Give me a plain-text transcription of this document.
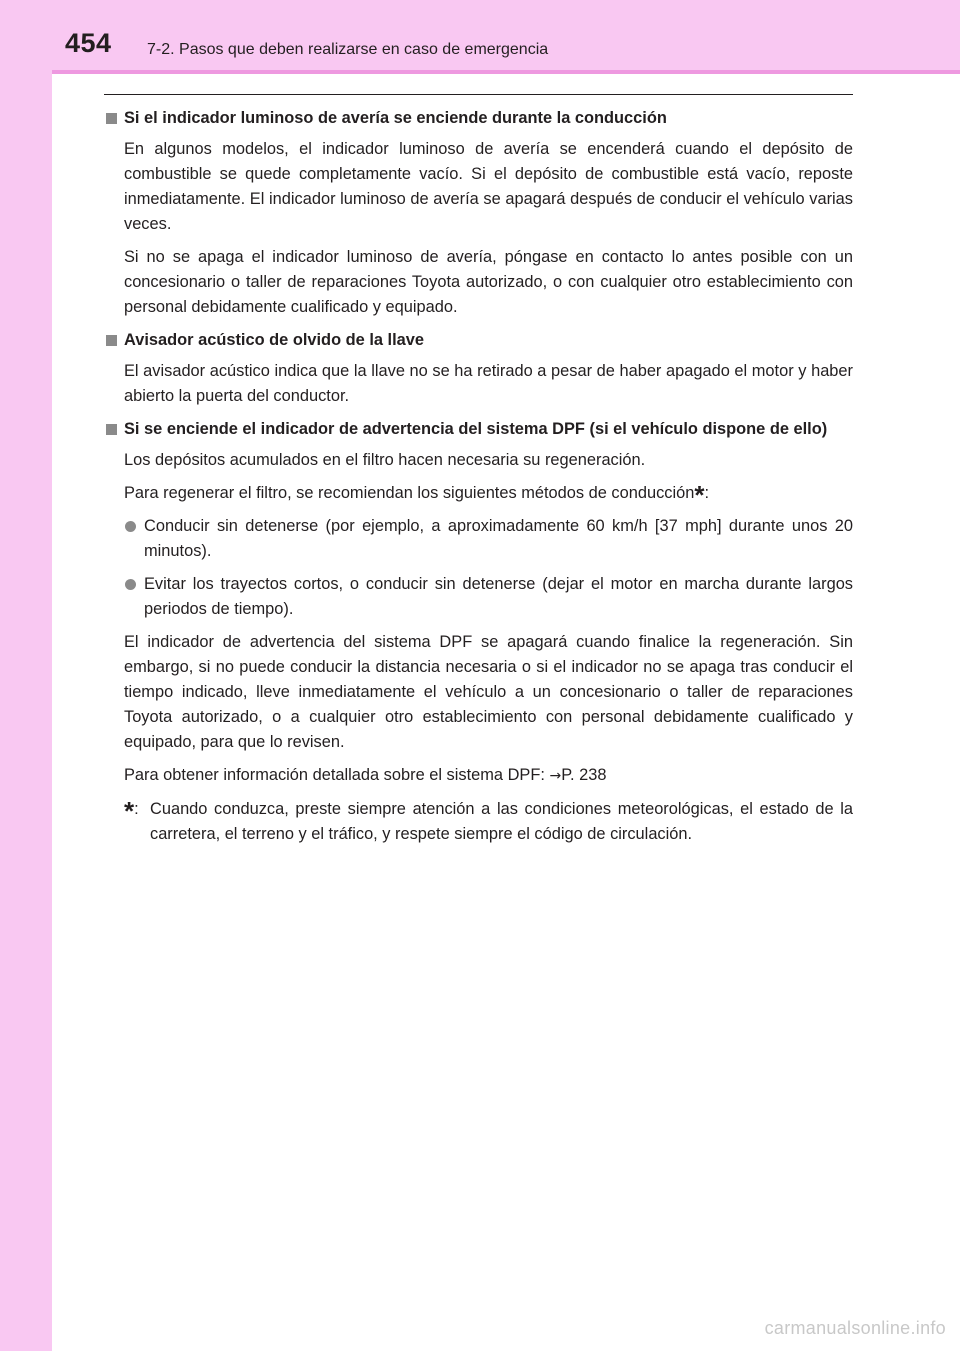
454 7-2. Pasos que deben realizarse en caso de emergencia
Si el indicador luminoso de avería se enciende durante la conducción

En algunos modelos, el indicador luminoso de avería se encenderá cuando el depósito de combustible se quede completamente vacío. Si el depósito de combustible está vacío, reposte inmediatamente. El indicador luminoso de avería se apagará después de conducir el vehículo varias veces.

Si no se apaga el indicador luminoso de avería, póngase en contacto lo antes posible con un concesionario o taller de reparaciones Toyota autorizado, o con cualquier otro establecimiento con personal debidamente cualificado y equipado.

Avisador acústico de olvido de la llave

El avisador acústico indica que la llave no se ha retirado a pesar de haber apagado el motor y haber abierto la puerta del conductor.

Si se enciende el indicador de advertencia del sistema DPF (si el vehículo dispone de ello)

Los depósitos acumulados en el filtro hacen necesaria su regeneración.

Para regenerar el filtro, se recomiendan los siguientes métodos de conducción*:

Conducir sin detenerse (por ejemplo, a aproximadamente 60 km/h [37 mph] durante unos 20 minutos).
Evitar los trayectos cortos, o conducir sin detenerse (dejar el motor en marcha durante largos periodos de tiempo).

El indicador de advertencia del sistema DPF se apagará cuando finalice la regeneración. Sin embargo, si no puede conducir la distancia necesaria o si el indicador no se apaga tras conducir el tiempo indicado, lleve inmediatamente el vehículo a un concesionario o taller de reparaciones Toyota autorizado, o a cualquier otro establecimiento con personal debidamente cualificado y equipado, para que lo revisen.

Para obtener información detallada sobre el sistema DPF: →P. 238

*: Cuando conduzca, preste siempre atención a las condiciones meteorológicas, el estado de la carretera, el terreno y el tráfico, y respete siempre el código de circulación.
carmanualsonline.info
